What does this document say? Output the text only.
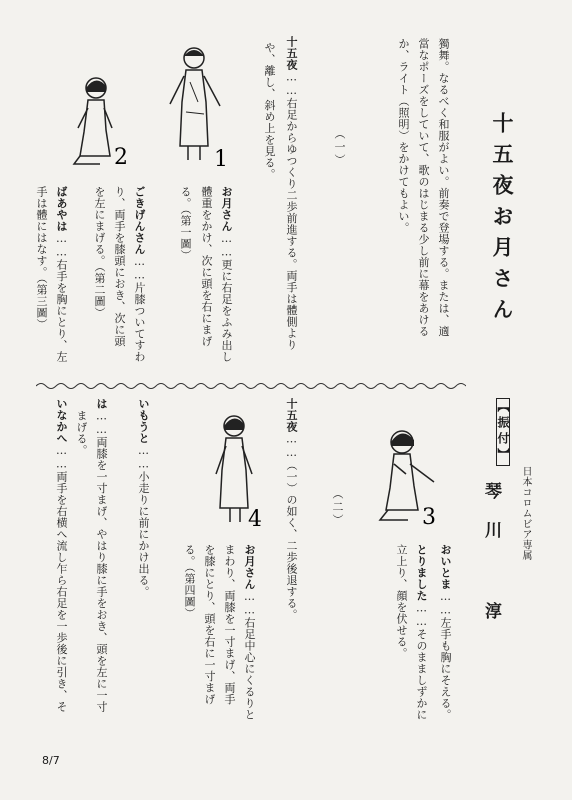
十五夜お月さん
獨舞。なるべく和服がよい。前奏で登場する。または、適
當なポーズをしていて、歌のはじまる少し前に幕をあける
か、ライト（照明）をかけてもよい。
（一）
十五夜……右足からゆつくり二歩前進する。両手は體側より
や、離し、斜め上を見る。
お月さん……更に右足をふみ出し
體重をかけ、次に頭を右にまげ
る。（第一圖）
ごきげんさん……片膝ついてすわ
り、両手を膝頭におき、次に頭
を左にまげる。（第二圖）
ばあやは……右手を胸にとり、左
手は體にはなす。（第三圖）
【振付】
日本コロムビア専属
琴川 淳
（二）
十五夜……（一）の如く、二歩後退する。
お月さん……右足中心にくるりと
まわり、両膝を一寸まげ、両手
を膝にとり、頭を右に一寸まげ
る。（第四圖）	おいとま……左手も胸にそえる。
とりました……そのまましずかに
立上り、顔を伏せる。
いもうと……小走りに前にかけ出る。
は……両膝を一寸まげ、やはり膝に手をおき、頭を左に一寸
まげる。
いなかへ……両手を右横へ流し乍ら右足を一歩後に引き、そ
1
2
3
4
8/7
